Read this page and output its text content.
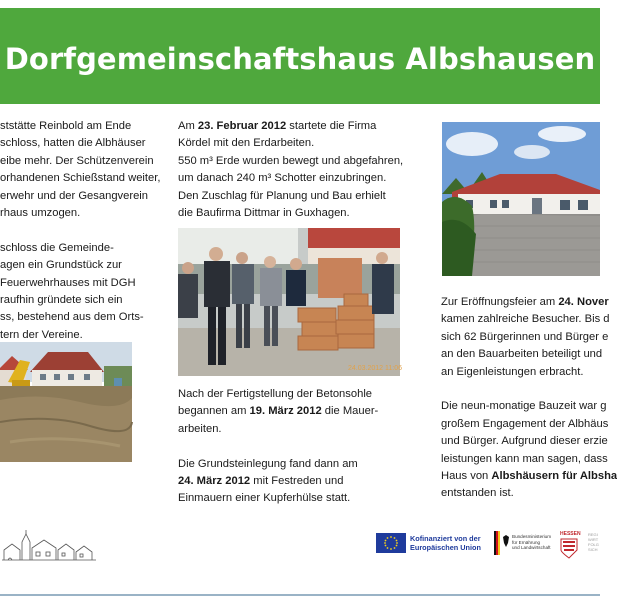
Dorfgemeinschaftshaus Albshausen
ststätte Reinbold am Ende
schloss, hatten die Albhäuser
eibe mehr. Der Schützenverein
orhandenen Schießstand weiter,
erwehr und der Gesangverein
rhaus umzogen.
schloss die Gemeinde-
agen ein Grundstück zur
Feuerwehrhauses mit DGH
raufhin gründete sich ein
ss, bestehend aus dem Orts-
tern der Vereine.
Am 23. Februar 2012 startete die Firma
Kördel mit den Erdarbeiten.
550 m³ Erde wurden bewegt und abgefahren,
um danach 240 m³ Schotter einzubringen.
Den Zuschlag für Planung und Bau erhielt
die Baufirma Dittmar in Guxhagen.
24.03.2012 11:06
Nach der Fertigstellung der Betonsohle
begannen am 19. März 2012 die Mauer-
arbeiten.
Die Grundsteinlegung fand dann am
24. März 2012 mit Festreden und
Einmauern einer Kupferhülse statt.
Zur Eröffnungsfeier am 24. Nover
kamen zahlreiche Besucher. Bis d
sich 62 Bürgerinnen und Bürger e
an den Bauarbeiten beteiligt und
an Eigenleistungen erbracht.
Die neun-monatige Bauzeit war g
großem Engagement der Albhäus
und Bürger. Aufgrund dieser erzie
leistungen kann man sagen, dass
Haus von Albshäusern für Albsha
entstanden ist.
Kofinanziert von der
Europäischen Union
Bundesministerium
für Ernährung
und Landwirtschaft
HESSEN REGI
WIRT
FOLG
SICH
